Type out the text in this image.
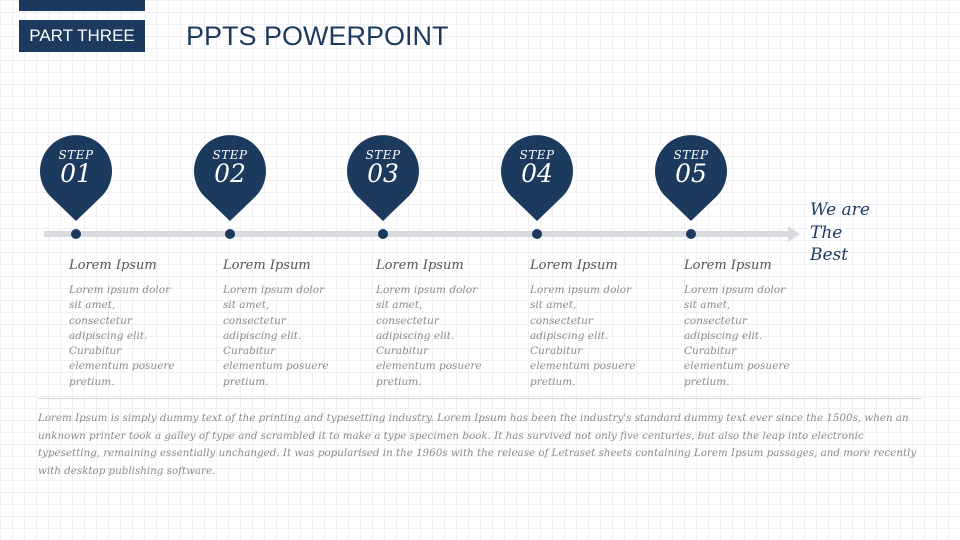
PART THREE	PPTS POWERPOINT
STEP
01
Lorem Ipsum
Lorem ipsum dolor sit amet, consectetur adipiscing elit. Curabitur elementum posuere pretium.
STEP
02
Lorem Ipsum
Lorem ipsum dolor sit amet, consectetur adipiscing elit. Curabitur elementum posuere pretium.
STEP
03
Lorem Ipsum
Lorem ipsum dolor sit amet, consectetur adipiscing elit. Curabitur elementum posuere pretium.
STEP
04
Lorem Ipsum
Lorem ipsum dolor sit amet, consectetur adipiscing elit. Curabitur elementum posuere pretium.
STEP
05
Lorem Ipsum
Lorem ipsum dolor sit amet, consectetur adipiscing elit. Curabitur elementum posuere pretium.
We are
The
Best
Lorem Ipsum is simply dummy text of the printing and typesetting industry. Lorem Ipsum has been the industry's standard dummy text ever since the 1500s, when an unknown printer took a galley of type and scrambled it to make a type specimen book. It has survived not only five centuries, but also the leap into electronic typesetting, remaining essentially unchanged. It was popularised in the 1960s with the release of Letraset sheets containing Lorem Ipsum passages, and more recently with desktop publishing software.
